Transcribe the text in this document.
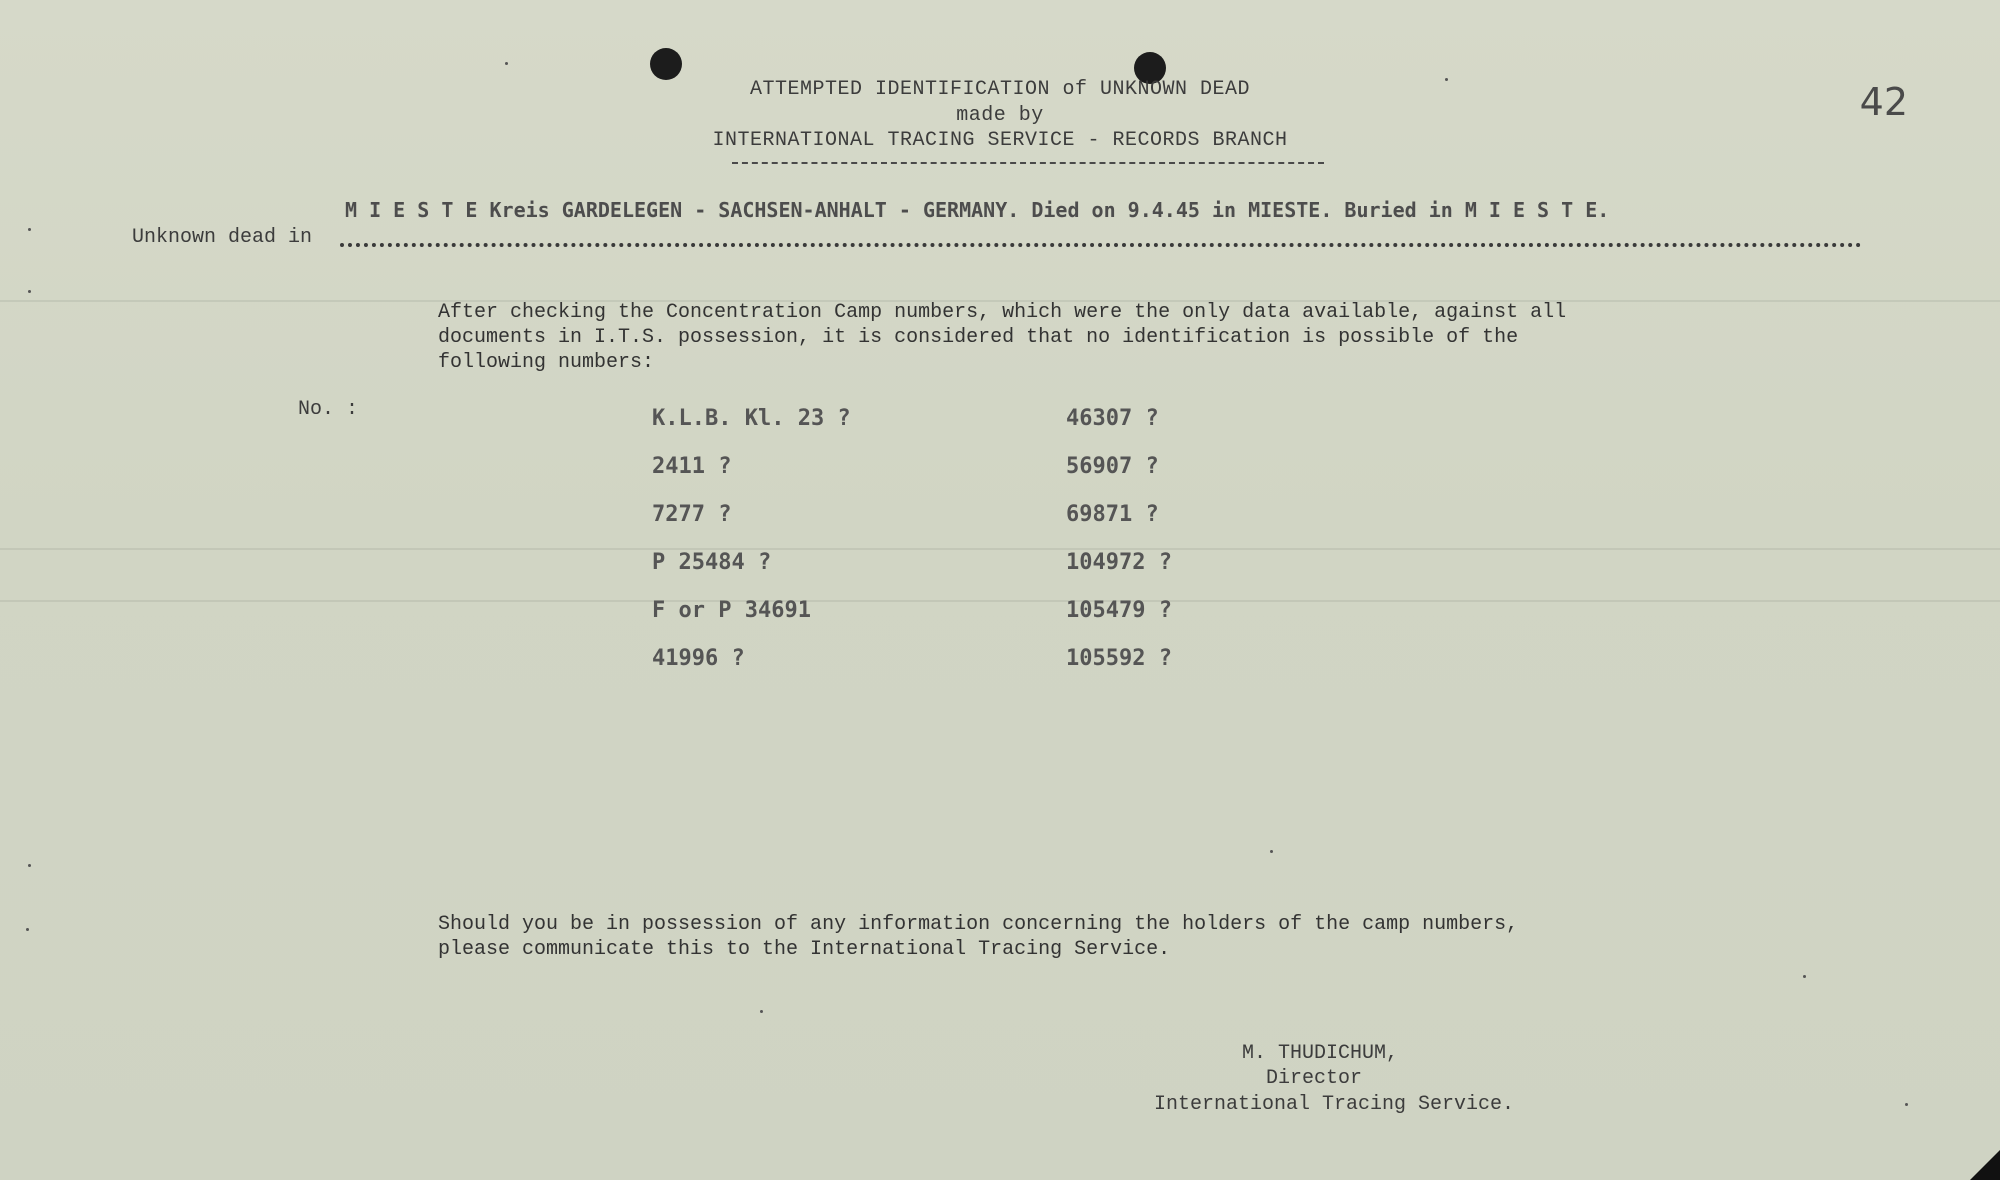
ATTEMPTED IDENTIFICATION of UNKNOWN DEAD
made by
INTERNATIONAL TRACING SERVICE - RECORDS BRANCH
42
M I E S T E Kreis GARDELEGEN - SACHSEN-ANHALT - GERMANY. Died on 9.4.45 in MIESTE. Buried in M I E S T E.
Unknown dead in
After checking the Concentration Camp numbers, which were the only data available, against all
documents in I.T.S. possession, it is considered that no identification is possible of the
following numbers:
No. :	K.L.B. Kl. 23 ?
2411 ?
7277 ?
P 25484 ?
F or P 34691
41996 ?
46307 ?
56907 ?
69871 ?
104972 ?
105479 ?
105592 ?
Should you be in possession of any information concerning the holders of the camp numbers,
please communicate this to the International Tracing Service.
M. THUDICHUM,
Director
International Tracing Service.
